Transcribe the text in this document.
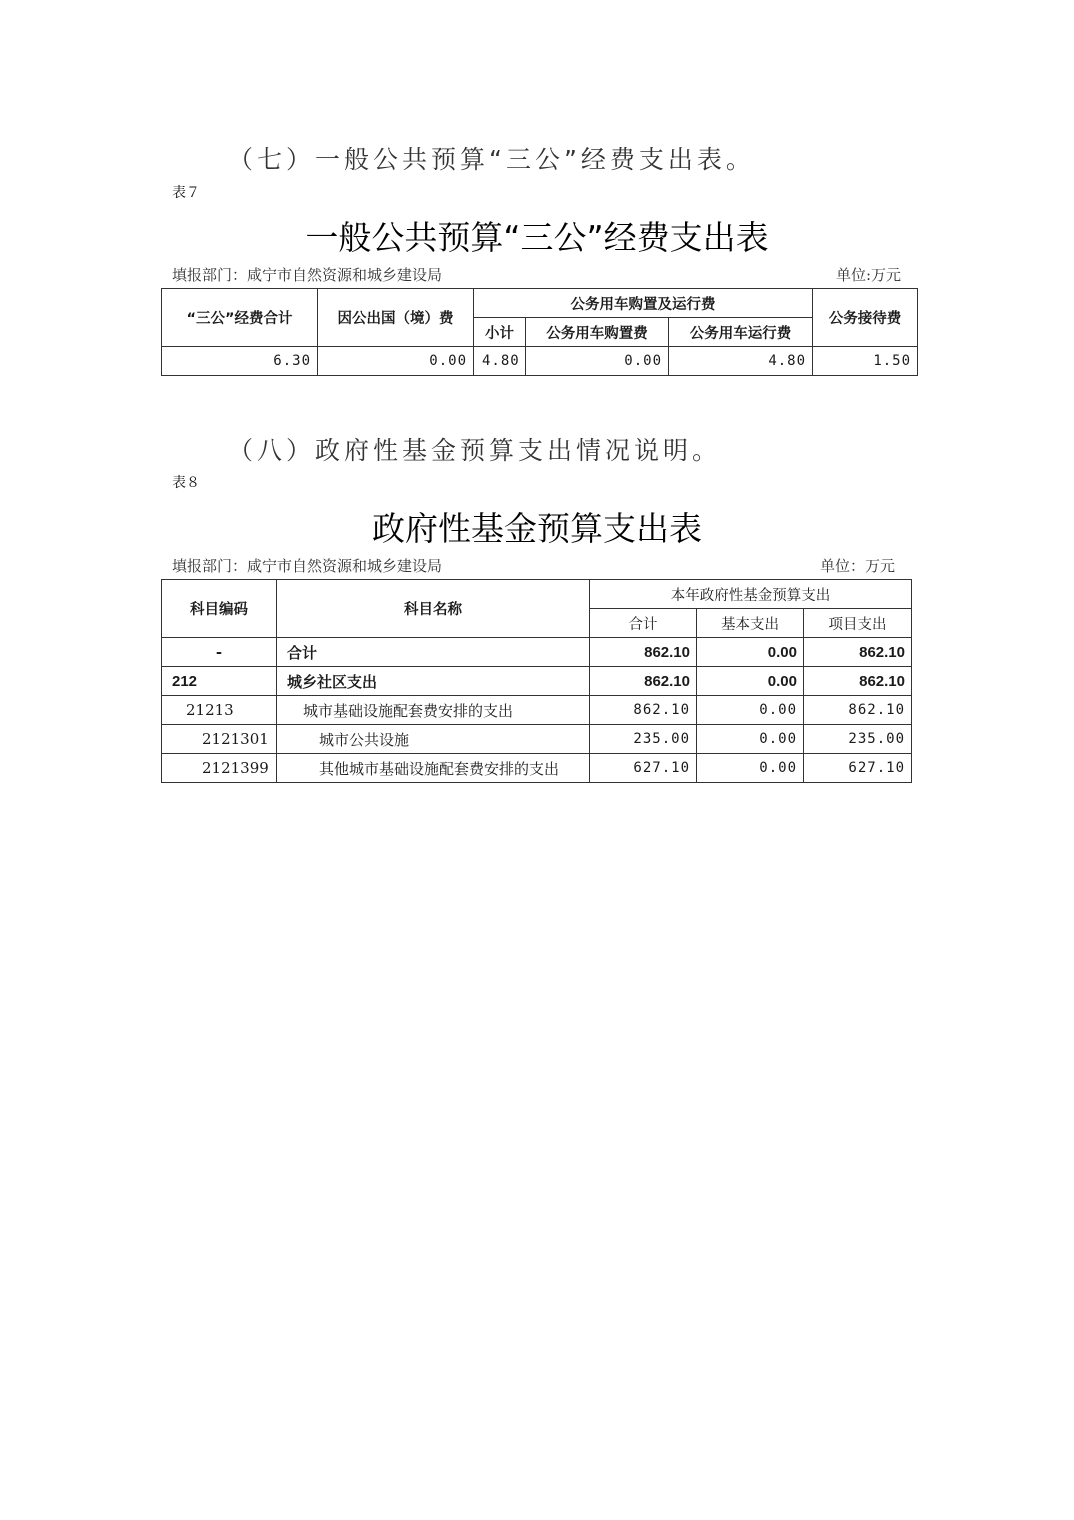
（七）一般公共预算“三公”经费支出表。
表７
一般公共预算“三公”经费支出表
填报部门：咸宁市自然资源和城乡建设局	单位:万元
“三公”经费合计	因公出国（境）费	公务用车购置及运行费			公务接待费
		小计	公务用车购置费	公务用车运行费	
6.30	0.00	4.80	0.00	4.80	1.50
（八）政府性基金预算支出情况说明。
表８
政府性基金预算支出表
填报部门：咸宁市自然资源和城乡建设局	单位：万元
科目编码	科目名称	本年政府性基金预算支出		
		合计	基本支出	项目支出
-	合计	862.10	0.00	862.10
212	城乡社区支出	862.10	0.00	862.10
21213	城市基础设施配套费安排的支出	862.10	0.00	862.10
2121301	城市公共设施	235.00	0.00	235.00
2121399	其他城市基础设施配套费安排的支出	627.10	0.00	627.10
